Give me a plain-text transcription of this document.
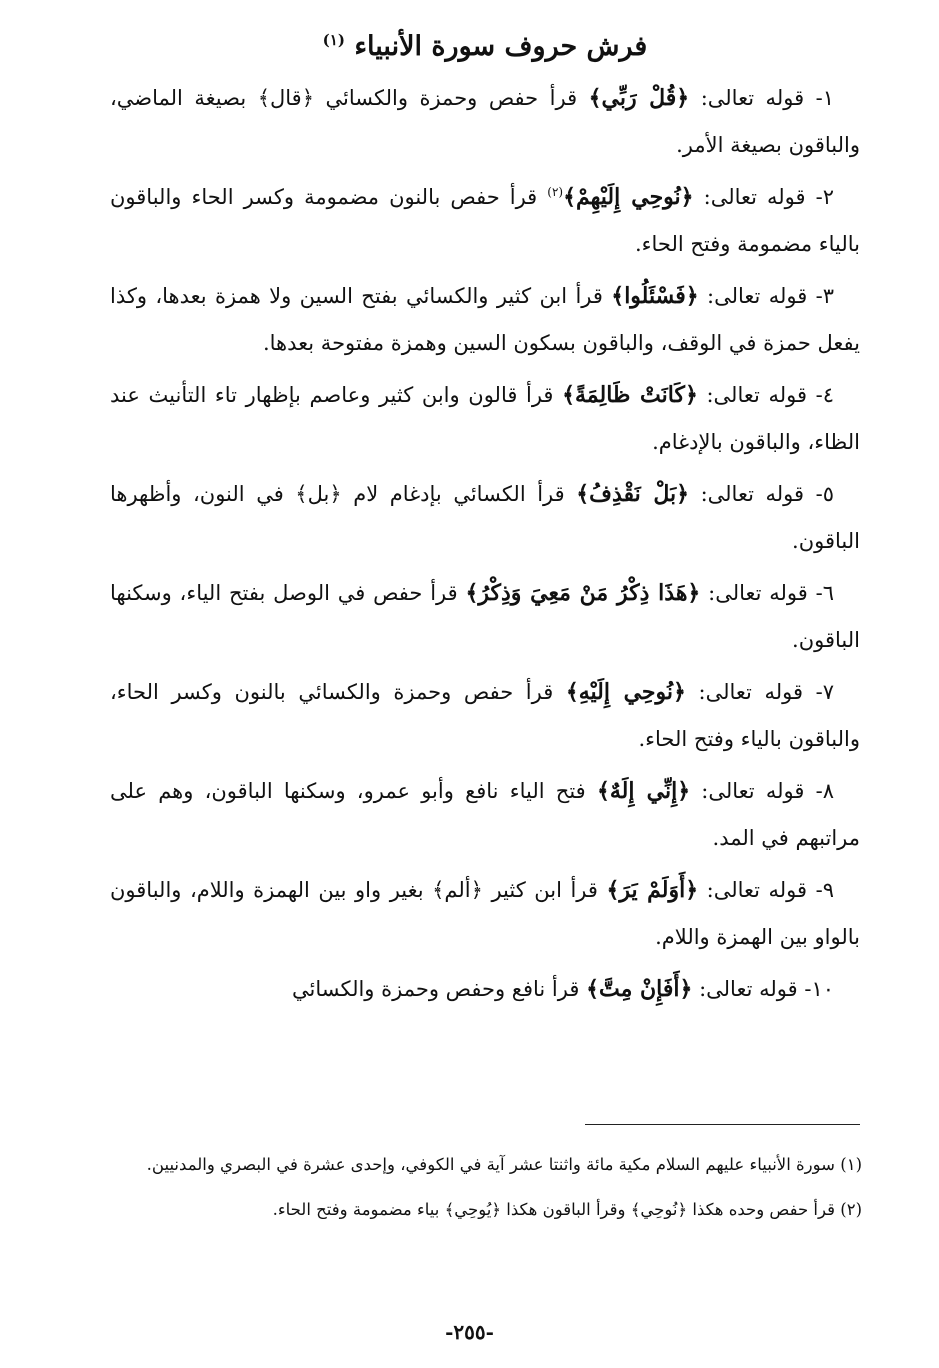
فرش حروف سورة الأنبياء $^{(١)}$

١- قوله تعالى: ﴿قُلْ رَبِّي﴾ قرأ حفص وحمزة والكسائي ﴿قال﴾ بصيغة الماضي، والباقون بصيغة الأمر.

٢- قوله تعالى: ﴿نُوحِي إِلَيْهِمْ﴾$^{(٢)}$ قرأ حفص بالنون مضمومة وكسر الحاء والباقون بالياء مضمومة وفتح الحاء.

٣- قوله تعالى: ﴿فَسْئَلُوا﴾ قرأ ابن كثير والكسائي بفتح السين ولا همزة بعدها، وكذا يفعل حمزة في الوقف، والباقون بسكون السين وهمزة مفتوحة بعدها.

٤- قوله تعالى: ﴿كَانَتْ ظَالِمَةً﴾ قرأ قالون وابن كثير وعاصم بإظهار تاء التأنيث عند الظاء، والباقون بالإدغام.

٥- قوله تعالى: ﴿بَلْ نَقْذِفُ﴾ قرأ الكسائي بإدغام لام ﴿بل﴾ في النون، وأظهرها الباقون.

٦- قوله تعالى: ﴿هَذَا ذِكْرُ مَنْ مَعِيَ وَذِكْرُ﴾ قرأ حفص في الوصل بفتح الياء، وسكنها الباقون.

٧- قوله تعالى: ﴿نُوحِي إِلَيْهِ﴾ قرأ حفص وحمزة والكسائي بالنون وكسر الحاء، والباقون بالياء وفتح الحاء.

٨- قوله تعالى: ﴿إِنِّي إِلَهٌ﴾ فتح الياء نافع وأبو عمرو، وسكنها الباقون، وهم على مراتبهم في المد.

٩- قوله تعالى: ﴿أَوَلَمْ يَرَ﴾ قرأ ابن كثير ﴿ألم﴾ بغير واو بين الهمزة واللام، والباقون بالواو بين الهمزة واللام.

١٠- قوله تعالى: ﴿أَفَإِنْ مِتَّ﴾ قرأ نافع وحفص وحمزة والكسائي

(١) سورة الأنبياء عليهم السلام مكية مائة واثنتا عشر آية في الكوفي، وإحدى عشرة في البصري والمدنيين.

(٢) قرأ حفص وحده هكذا ﴿نُوحِي﴾ وقرأ الباقون هكذا ﴿يُوحِي﴾ بياء مضمومة وفتح الحاء.

-٢٥٥-
